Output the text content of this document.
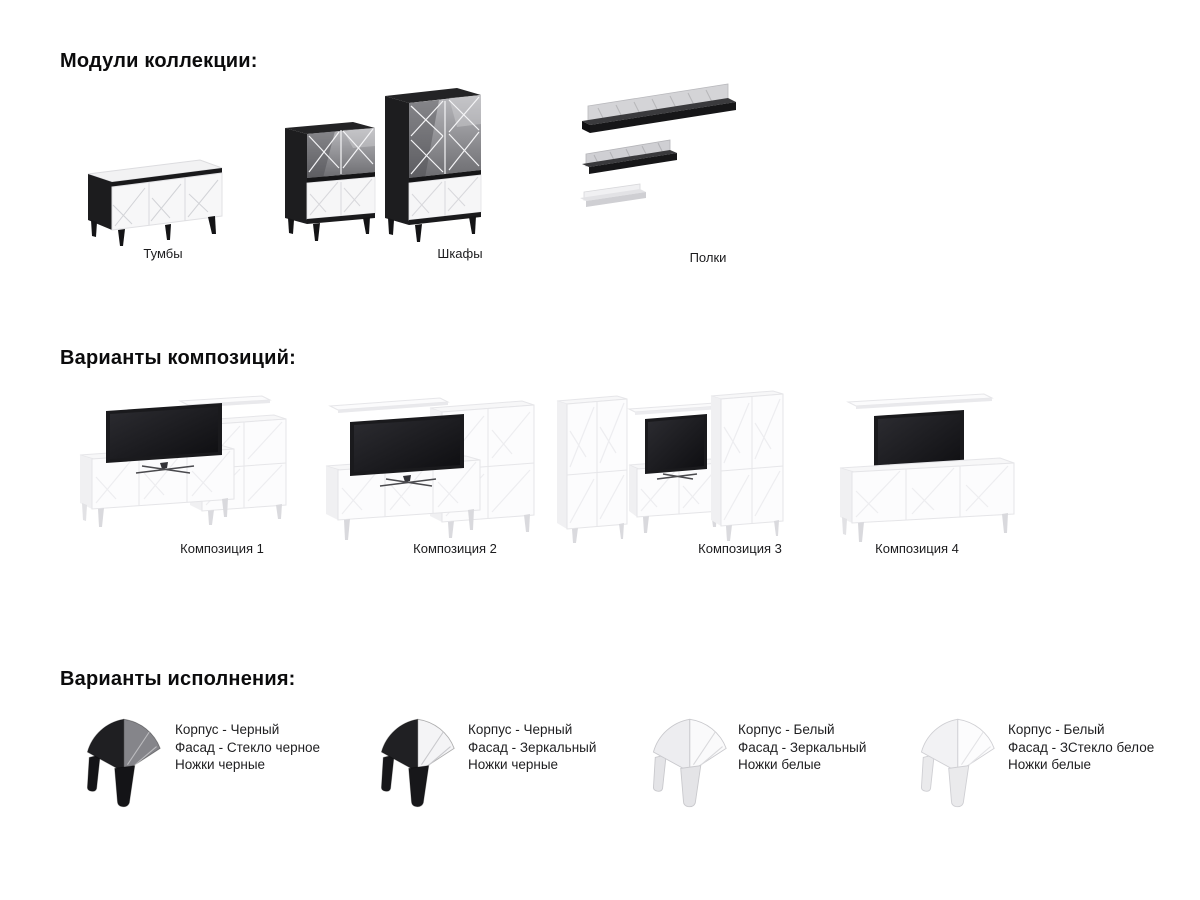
Модули коллекции:
Тумбы	Шкафы	Полки
Варианты композиций:
Композиция 1	Композиция 2	Композиция 3	Композиция 4
Варианты исполнения:
Корпус - Черный
Фасад - Стекло черное
Ножки черные
Корпус - Черный
Фасад - Зеркальный
Ножки черные
Корпус - Белый
Фасад - Зеркальный
Ножки белые
Корпус - Белый
Фасад - ЗСтекло белое
Ножки белые
